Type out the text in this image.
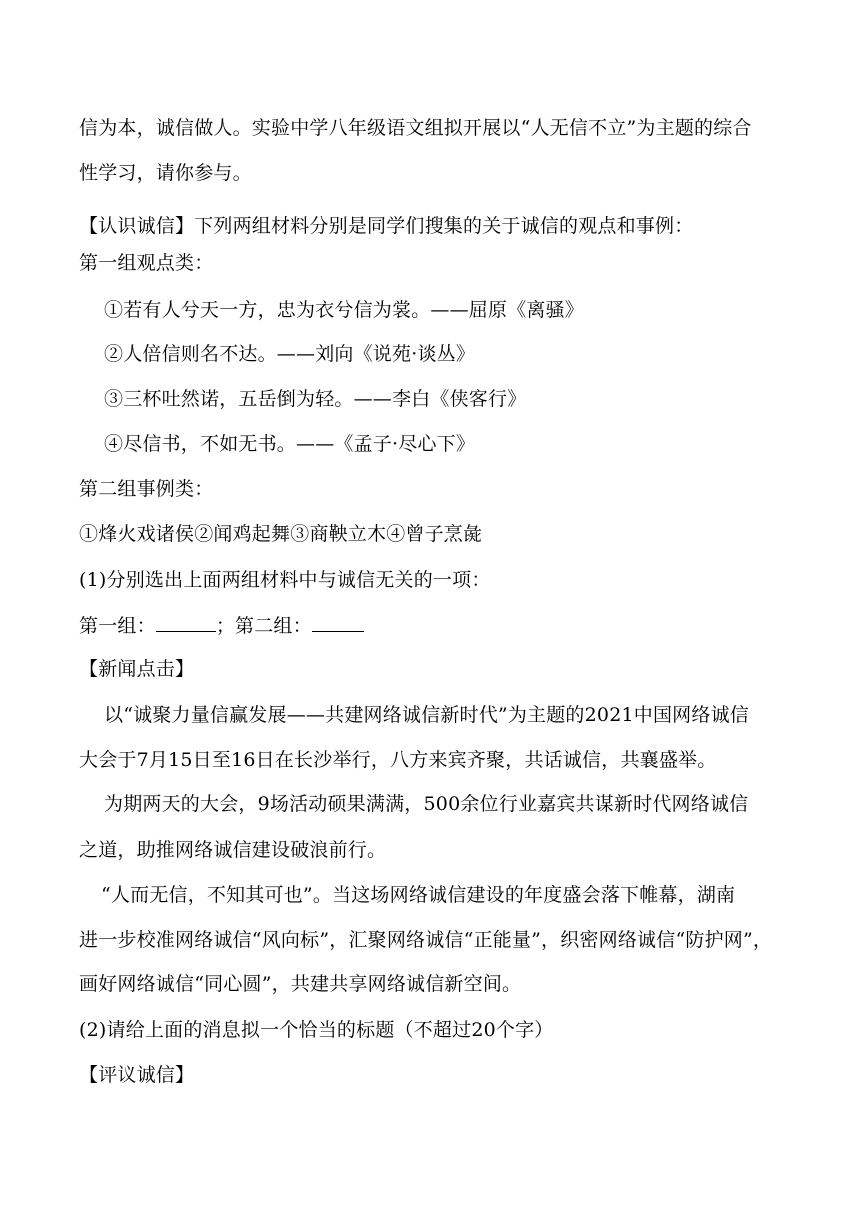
信为本，诚信做人。实验中学八年级语文组拟开展以“人无信不立”为主题的综合
性学习，请你参与。
【认识诚信】下列两组材料分别是同学们搜集的关于诚信的观点和事例：
第一组观点类：
①若有人兮天一方，忠为衣兮信为裳。——屈原《离骚》
②人倍信则名不达。——刘向《说苑·谈丛》
③三杯吐然诺，五岳倒为轻。——李白《侠客行》
④尽信书，不如无书。——《孟子·尽心下》
第二组事例类：
①烽火戏诸侯②闻鸡起舞③商鞅立木④曾子烹彘
(1)分别选出上面两组材料中与诚信无关的一项：
第一组：	；第二组：
【新闻点击】
以“诚聚力量信赢发展——共建网络诚信新时代”为主题的2021中国网络诚信
大会于7月15日至16日在长沙举行，八方来宾齐聚，共话诚信，共襄盛举。
为期两天的大会，9场活动硕果满满，500余位行业嘉宾共谋新时代网络诚信
之道，助推网络诚信建设破浪前行。
“人而无信，不知其可也”。当这场网络诚信建设的年度盛会落下帷幕，湖南
进一步校准网络诚信“风向标”，汇聚网络诚信“正能量”，织密网络诚信“防护网”，
画好网络诚信“同心圆”，共建共享网络诚信新空间。
(2)请给上面的消息拟一个恰当的标题（不超过20个字）
【评议诚信】
